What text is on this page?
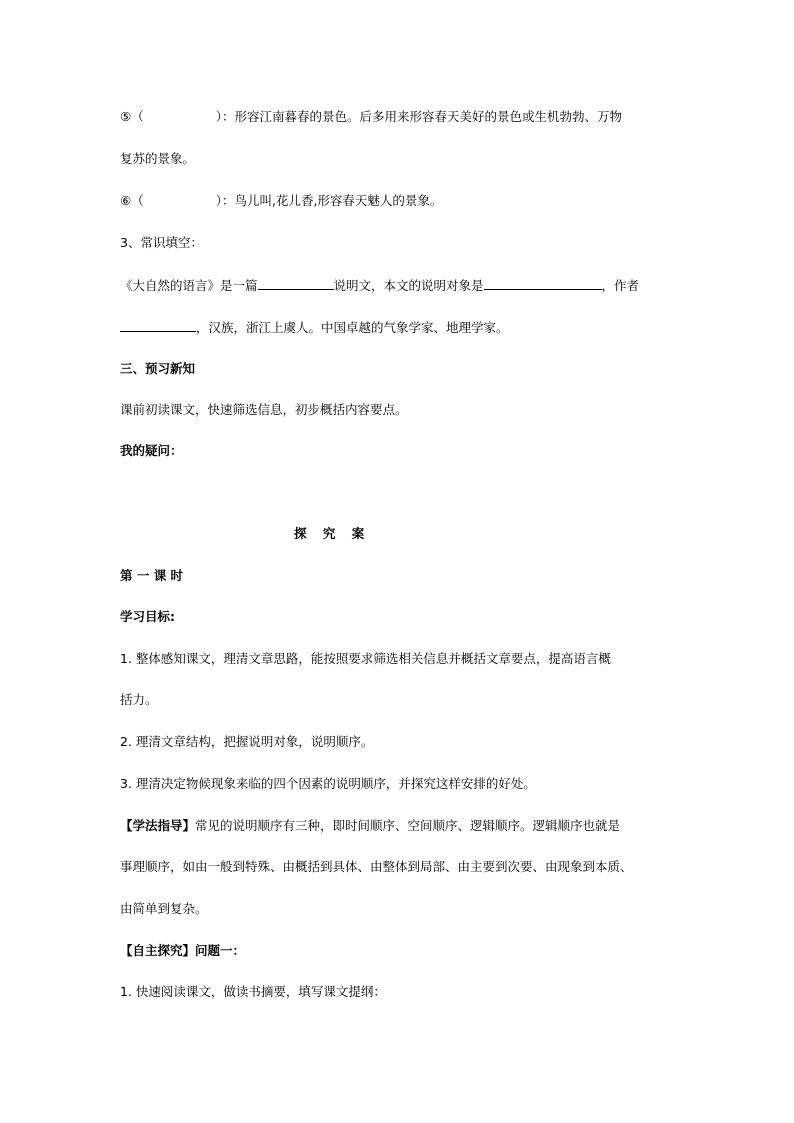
⑤（	）：形容江南暮春的景色。后多用来形容春天美好的景色或生机勃勃、万物
复苏的景象。
⑥（	）：鸟儿叫,花儿香,形容春天魅人的景象。
3、常识填空：
《大自然的语言》是一篇	说明文，本文的说明对象是	，作者
，汉族，浙江上虞人。中国卓越的气象学家、地理学家。
三、预习新知
课前初读课文，快速筛选信息，初步概括内容要点。
我的疑问：
探 究 案
第 一 课 时
学习目标:
1. 整体感知课文，理清文章思路，能按照要求筛选相关信息并概括文章要点，提高语言概
括力。
2. 理清文章结构，把握说明对象，说明顺序。
3. 理清决定物候现象来临的四个因素的说明顺序，并探究这样安排的好处。
【学法指导】常见的说明顺序有三种，即时间顺序、空间顺序、逻辑顺序。逻辑顺序也就是
事理顺序，如由一般到特殊、由概括到具体、由整体到局部、由主要到次要、由现象到本质、
由简单到复杂。
【自主探究】问题一：
1. 快速阅读课文，做读书摘要，填写课文提纲：
